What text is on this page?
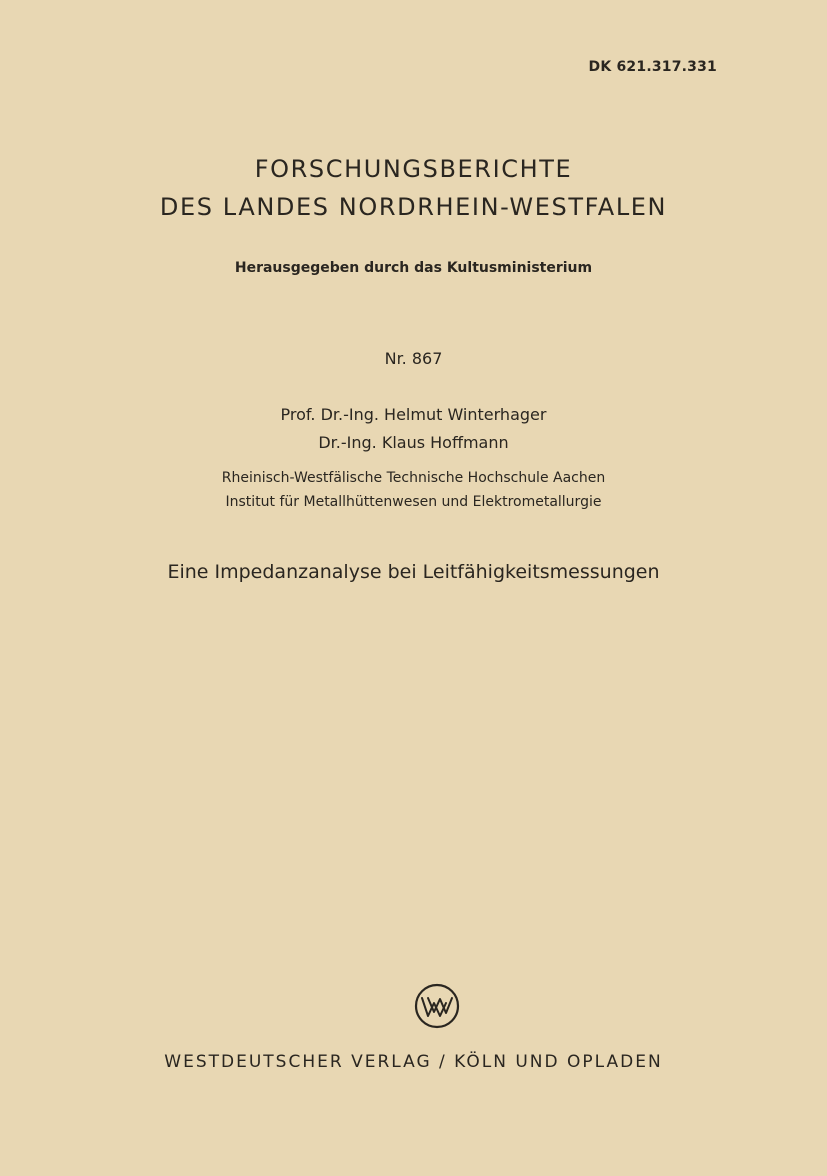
DK 621.317.331
FORSCHUNGSBERICHTE
DES LANDES NORDRHEIN-WESTFALEN
Herausgegeben durch das Kultusministerium
Nr. 867
Prof. Dr.-Ing. Helmut Winterhager
Dr.-Ing. Klaus Hoffmann
Rheinisch-Westfälische Technische Hochschule Aachen
Institut für Metallhüttenwesen und Elektrometallurgie
Eine Impedanzanalyse bei Leitfähigkeitsmessungen
WESTDEUTSCHER VERLAG / KÖLN UND OPLADEN
